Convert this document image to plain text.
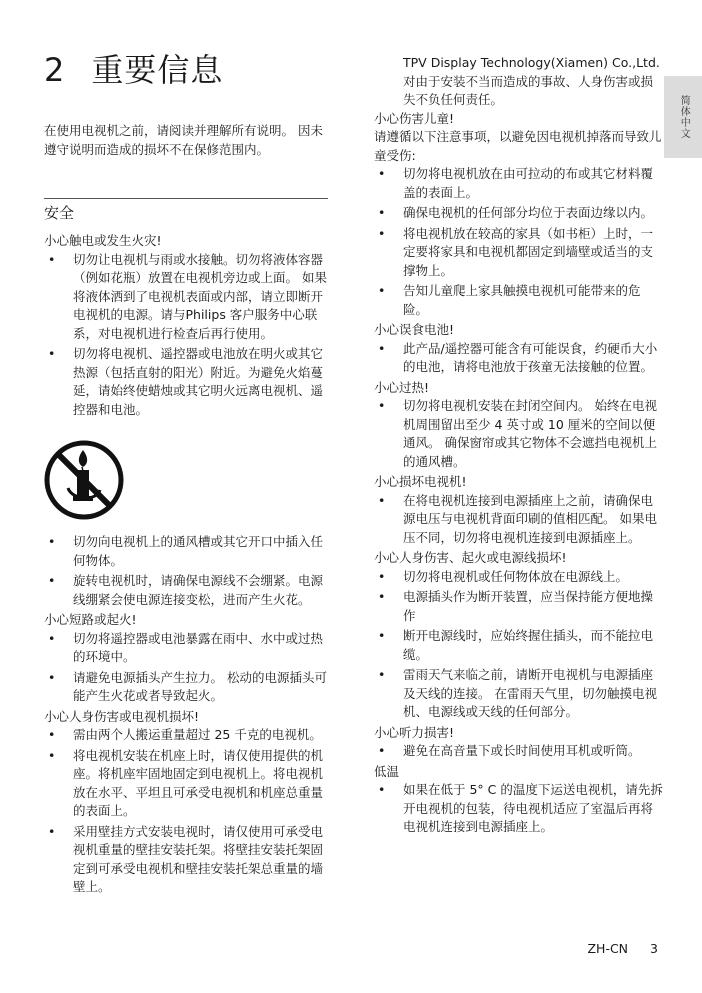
2 重要信息
在使用电视机之前，请阅读并理解所有说明。 因未遵守说明而造成的损坏不在保修范围内。
安全
简体中文

小心触电或发生火灾!

• 切勿让电视机与雨或水接触。切勿将液体容器（例如花瓶）放置在电视机旁边或上面。 如果将液体洒到了电视机表面或内部，请立即断开电视机的电源。请与Philips 客户服务中心联系，对电视机进行检查后再行使用。
• 切勿将电视机、遥控器或电池放在明火或其它热源（包括直射的阳光）附近。为避免火焰蔓延，请始终使蜡烛或其它明火远离电视机、遥控器和电池。
• 切勿向电视机上的通风槽或其它开口中插入任何物体。
• 旋转电视机时，请确保电源线不会绷紧。电源线绷紧会使电源连接变松，进而产生火花。

小心短路或起火!

• 切勿将遥控器或电池暴露在雨中、水中或过热的环境中。
• 请避免电源插头产生拉力。 松动的电源插头可能产生火花或者导致起火。

小心人身伤害或电视机损坏!

• 需由两个人搬运重量超过 25 千克的电视机。
• 将电视机安装在机座上时，请仅使用提供的机座。将机座牢固地固定到电视机上。将电视机放在水平、平坦且可承受电视机和机座总重量的表面上。
• 采用壁挂方式安装电视时，请仅使用可承受电视机重量的壁挂安装托架。将壁挂安装托架固定到可承受电视机和壁挂安装托架总重量的墙壁上。

TPV Display Technology(Xiamen) Co.,Ltd. 对由于安装不当而造成的事故、人身伤害或损失不负任何责任。

小心伤害儿童!

请遵循以下注意事项，以避免因电视机掉落而导致儿童受伤:

• 切勿将电视机放在由可拉动的布或其它材料覆盖的表面上。
• 确保电视机的任何部分均位于表面边缘以内。
• 将电视机放在较高的家具（如书柜）上时，一定要将家具和电视机都固定到墙壁或适当的支撑物上。
• 告知儿童爬上家具触摸电视机可能带来的危险。

小心误食电池!

• 此产品/遥控器可能含有可能误食，约硬币大小的电池，请将电池放于孩童无法接触的位置。

小心过热!

• 切勿将电视机安装在封闭空间内。 始终在电视机周围留出至少 4 英寸或 10 厘米的空间以便通风。 确保窗帘或其它物体不会遮挡电视机上的通风槽。

小心损坏电视机!

• 在将电视机连接到电源插座上之前，请确保电源电压与电视机背面印刷的值相匹配。 如果电压不同，切勿将电视机连接到电源插座上。

小心人身伤害、起火或电源线损坏!

• 切勿将电视机或任何物体放在电源线上。
• 电源插头作为断开装置，应当保持能方便地操作
• 断开电源线时，应始终握住插头，而不能拉电缆。
• 雷雨天气来临之前，请断开电视机与电源插座及天线的连接。 在雷雨天气里，切勿触摸电视机、电源线或天线的任何部分。

小心听力损害!

• 避免在高音量下或长时间使用耳机或听筒。

低温

• 如果在低于 5° C 的温度下运送电视机，请先拆开电视机的包装，待电视机适应了室温后再将电视机连接到电源插座上。
ZH-CN 3
